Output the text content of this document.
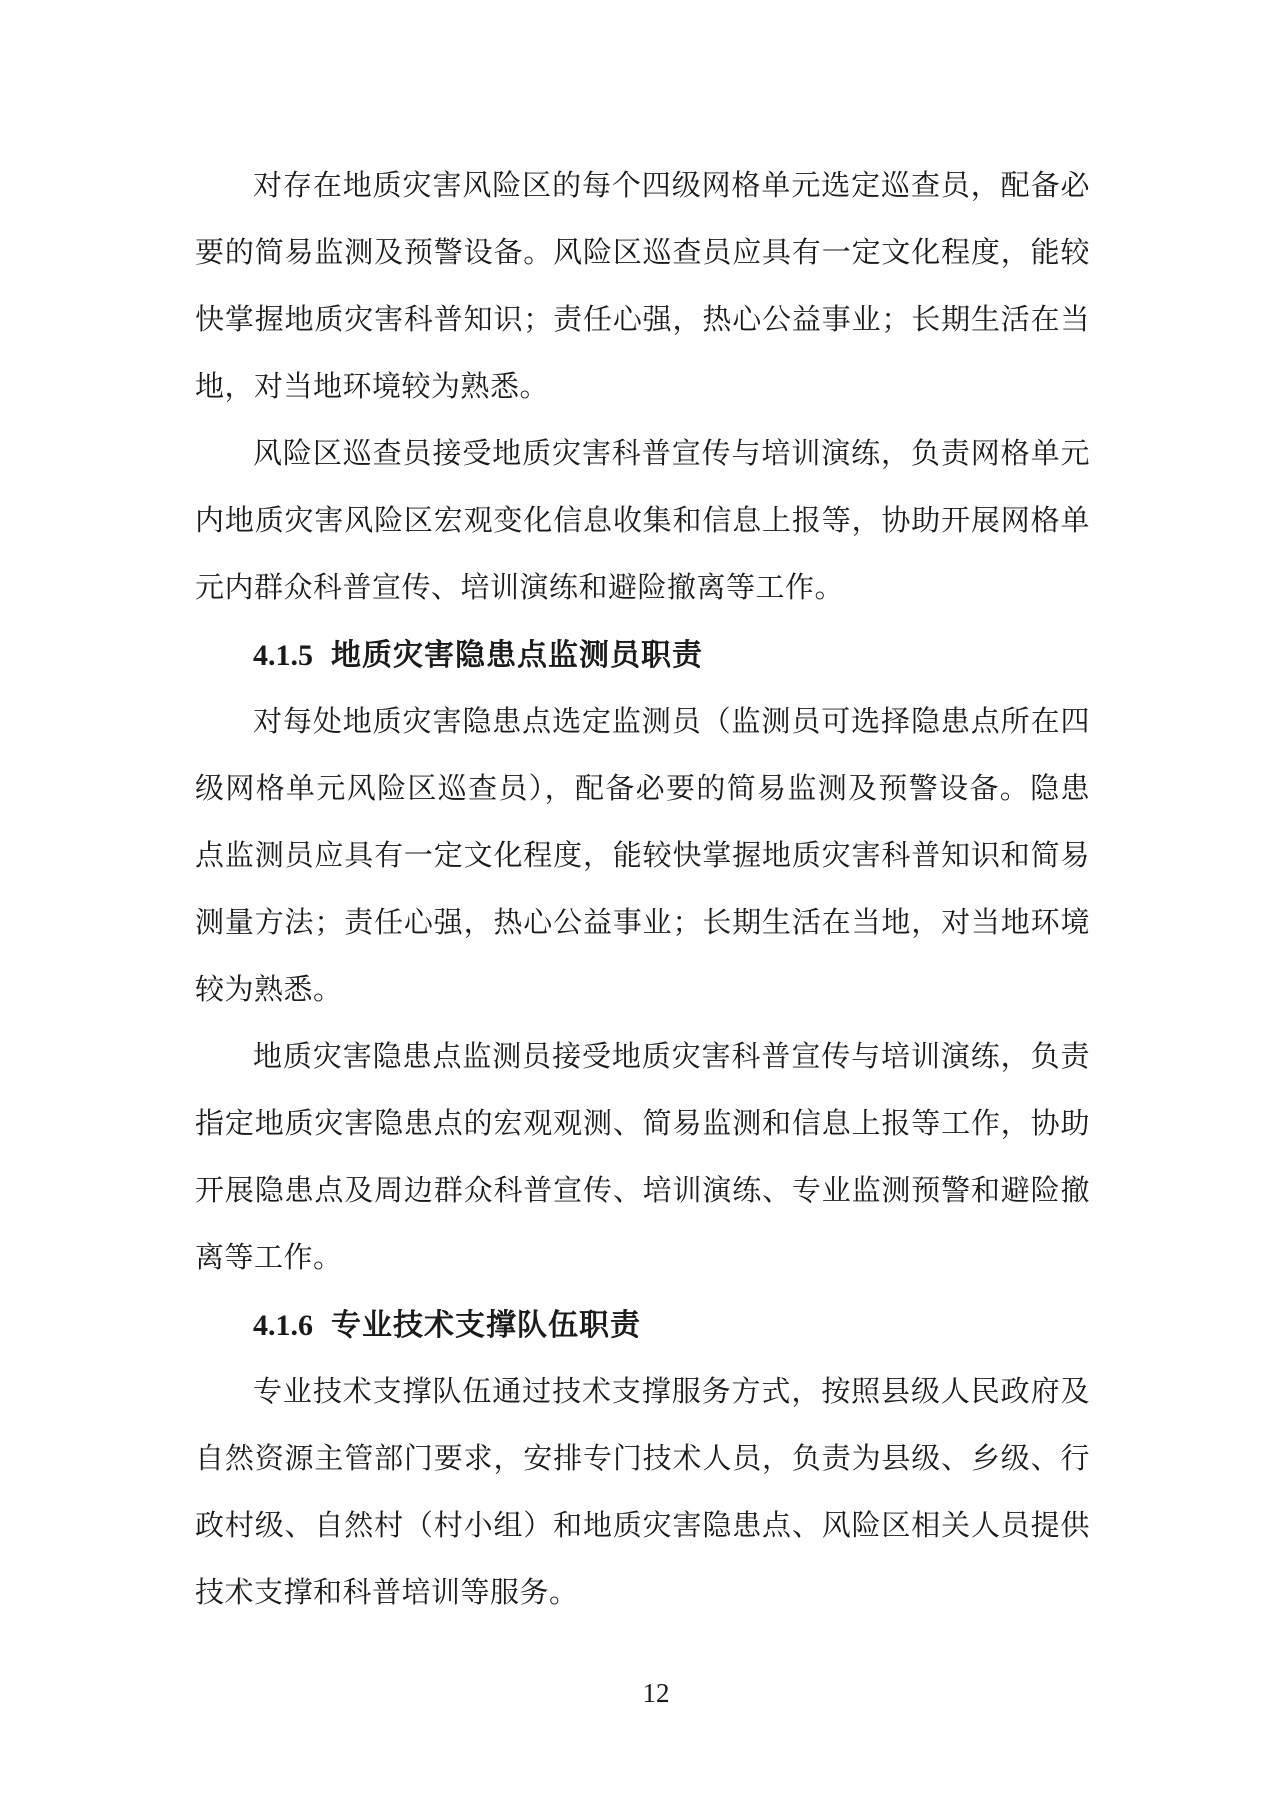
对存在地质灾害风险区的每个四级网格单元选定巡查员，配备必
要的简易监测及预警设备。风险区巡查员应具有一定文化程度，能较
快掌握地质灾害科普知识；责任心强，热心公益事业；长期生活在当
地，对当地环境较为熟悉。
风险区巡查员接受地质灾害科普宣传与培训演练，负责网格单元
内地质灾害风险区宏观变化信息收集和信息上报等，协助开展网格单
元内群众科普宣传、培训演练和避险撤离等工作。
4.1.5 地质灾害隐患点监测员职责
对每处地质灾害隐患点选定监测员（监测员可选择隐患点所在四
级网格单元风险区巡查员），配备必要的简易监测及预警设备。隐患
点监测员应具有一定文化程度，能较快掌握地质灾害科普知识和简易
测量方法；责任心强，热心公益事业；长期生活在当地，对当地环境
较为熟悉。
地质灾害隐患点监测员接受地质灾害科普宣传与培训演练，负责
指定地质灾害隐患点的宏观观测、简易监测和信息上报等工作，协助
开展隐患点及周边群众科普宣传、培训演练、专业监测预警和避险撤
离等工作。
4.1.6 专业技术支撑队伍职责
专业技术支撑队伍通过技术支撑服务方式，按照县级人民政府及
自然资源主管部门要求，安排专门技术人员，负责为县级、乡级、行
政村级、自然村（村小组）和地质灾害隐患点、风险区相关人员提供
技术支撑和科普培训等服务。
12
